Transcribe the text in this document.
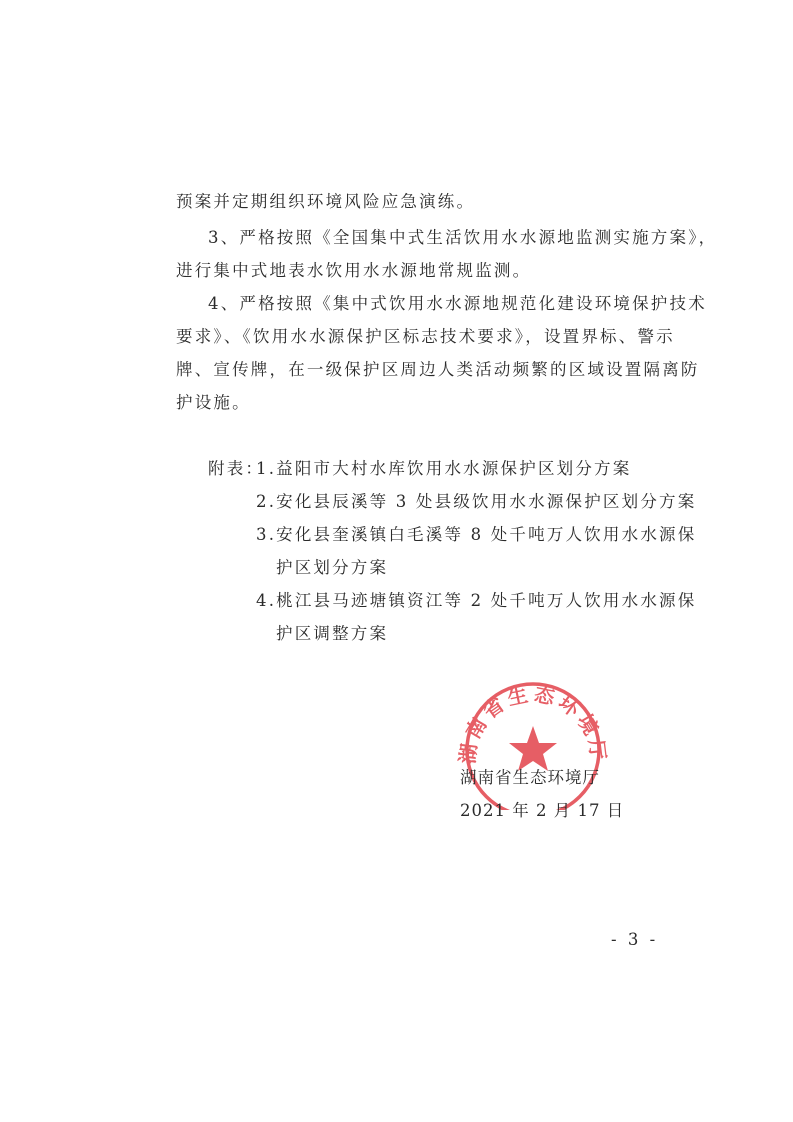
预案并定期组织环境风险应急演练。
3、严格按照《全国集中式生活饮用水水源地监测实施方案》，
进行集中式地表水饮用水水源地常规监测。
4、严格按照《集中式饮用水水源地规范化建设环境保护技术
要求》、《饮用水水源保护区标志技术要求》，设置界标、警示
牌、宣传牌，在一级保护区周边人类活动频繁的区域设置隔离防
护设施。
附表：
1.益阳市大村水库饮用水水源保护区划分方案
2.安化县辰溪等 3 处县级饮用水水源保护区划分方案
3.安化县奎溪镇白毛溪等 8 处千吨万人饮用水水源保
护区划分方案
4.桃江县马迹塘镇资江等 2 处千吨万人饮用水水源保
护区调整方案
湖南省生态环境厅
湖南省生态环境厅
2021 年 2 月 17 日
- 3 -
